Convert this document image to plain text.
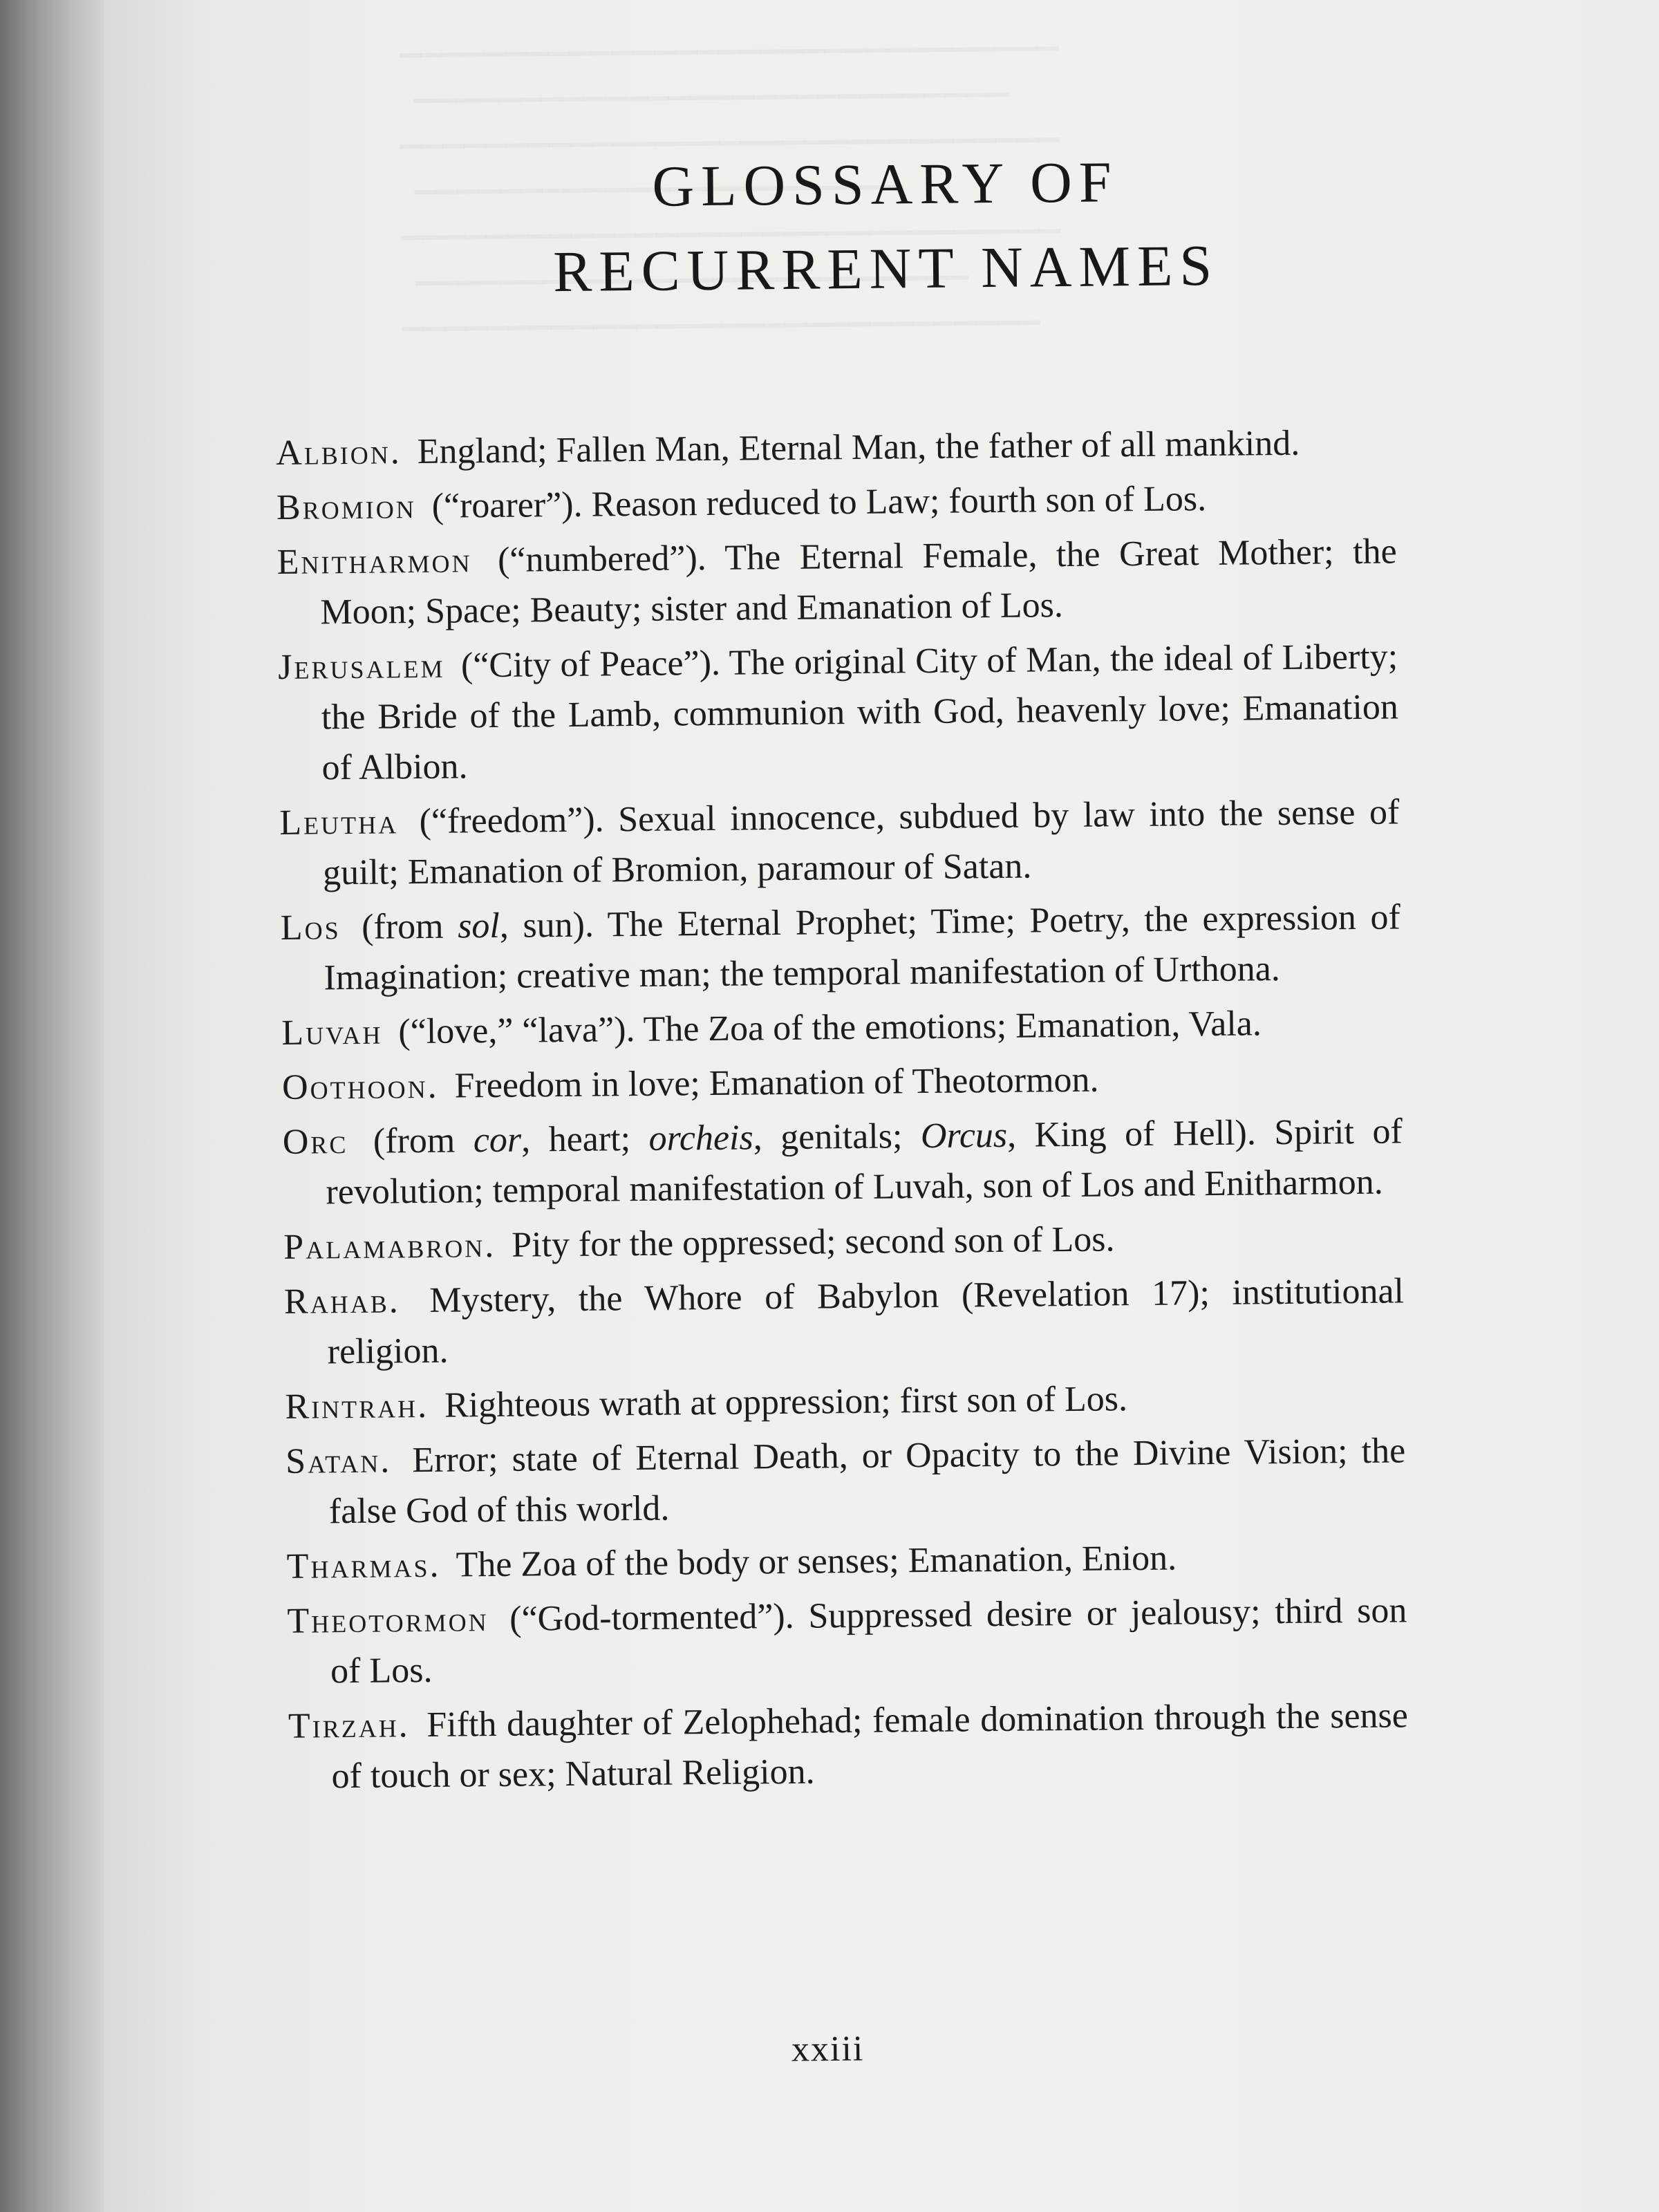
GLOSSARY OF
RECURRENT NAMES
Albion. England; Fallen Man, Eternal Man, the father of all mankind.
Bromion (“roarer”). Reason reduced to Law; fourth son of Los.
Enitharmon (“numbered”). The Eternal Female, the Great Mother; the Moon; Space; Beauty; sister and Emanation of Los.
Jerusalem (“City of Peace”). The original City of Man, the ideal of Liberty; the Bride of the Lamb, communion with God, heavenly love; Emanation of Albion.
Leutha (“freedom”). Sexual innocence, subdued by law into the sense of guilt; Emanation of Bromion, paramour of Satan.
Los (from sol, sun). The Eternal Prophet; Time; Poetry, the expression of Imagination; creative man; the temporal manifestation of Urthona.
Luvah (“love,” “lava”). The Zoa of the emotions; Emanation, Vala.
Oothoon. Freedom in love; Emanation of Theotormon.
Orc (from cor, heart; orcheis, genitals; Orcus, King of Hell). Spirit of revolution; temporal manifestation of Luvah, son of Los and Enitharmon.
Palamabron. Pity for the oppressed; second son of Los.
Rahab. Mystery, the Whore of Babylon (Revelation 17); institutional religion.
Rintrah. Righteous wrath at oppression; first son of Los.
Satan. Error; state of Eternal Death, or Opacity to the Divine Vision; the false God of this world.
Tharmas. The Zoa of the body or senses; Emanation, Enion.
Theotormon (“God-tormented”). Suppressed desire or jealousy; third son of Los.
Tirzah. Fifth daughter of Zelophehad; female domination through the sense of touch or sex; Natural Religion.
xxiii
